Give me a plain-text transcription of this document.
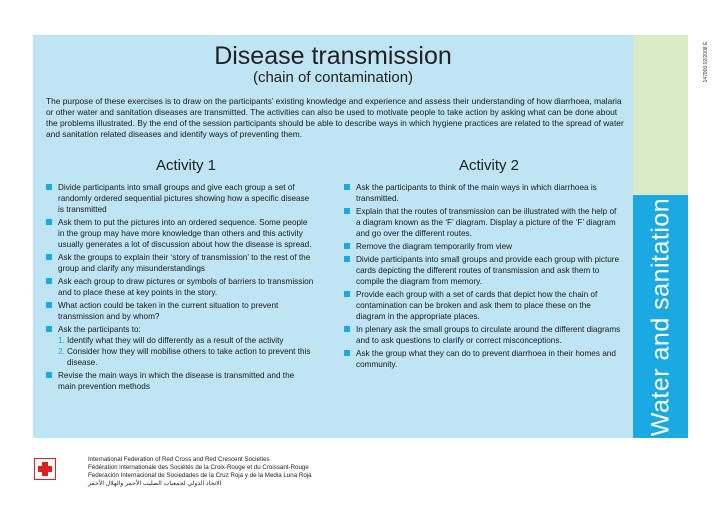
Water and sanitation
147900 02/2008 E
Disease transmission
(chain of contamination)

The purpose of these exercises is to draw on the participants’ existing knowledge and experience and assess their understanding of how diarrhoea, malaria or other water and sanitation diseases are transmitted. The activities can also be used to motivate people to take action by asking what can be done about the problems illustrated. By the end of the session participants should be able to describe ways in which hygiene practices are related to the spread of water and sanitation related diseases and identify ways of preventing them.

Activity 1
Divide participants into small groups and give each group a set of randomly ordered sequential pictures showing how a specific disease is transmitted
Ask them to put the pictures into an ordered sequence. Some people in the group may have more knowledge than others and this activity usually generates a lot of discussion about how the disease is spread.
Ask the groups to explain their ‘story of transmission’ to the rest of the group and clarify any misunderstandings
Ask each group to draw pictures or symbols of barriers to transmission and to place these at key points in the story.
What action could be taken in the current situation to prevent transmission and by whom?
Ask the participants to:
1. Identify what they will do differently as a result of the activity
2. Consider how they will mobilise others to take action to prevent this disease.
Revise the main ways in which the disease is transmitted and the main prevention methods
Activity 2
Ask the participants to think of the main ways in which diarrhoea is transmitted.
Explain that the routes of transmission can be illustrated with the help of a diagram known as the ‘F’ diagram. Display a picture of the ‘F’ diagram and go over the different routes.
Remove the diagram temporarily from view
Divide participants into small groups and provide each group with picture cards depicting the different routes of transmission and ask them to compile the diagram from memory.
Provide each group with a set of cards that depict how the chain of contamination can be broken and ask them to place these on the diagram in the appropriate places.
In plenary ask the small groups to circulate around the different diagrams and to ask questions to clarify or correct misconceptions.
Ask the group what they can do to prevent diarrhoea in their homes and community.
International Federation of Red Cross and Red Crescent Societies
Fédération internationale des Sociétés de la Croix-Rouge et du Croissant-Rouge
Federación Internacional de Sociedades de la Cruz Roja y de la Media Luna Roja
الاتحاد الدولي لجمعيات الصليب الأحمر والهلال الأحمر
